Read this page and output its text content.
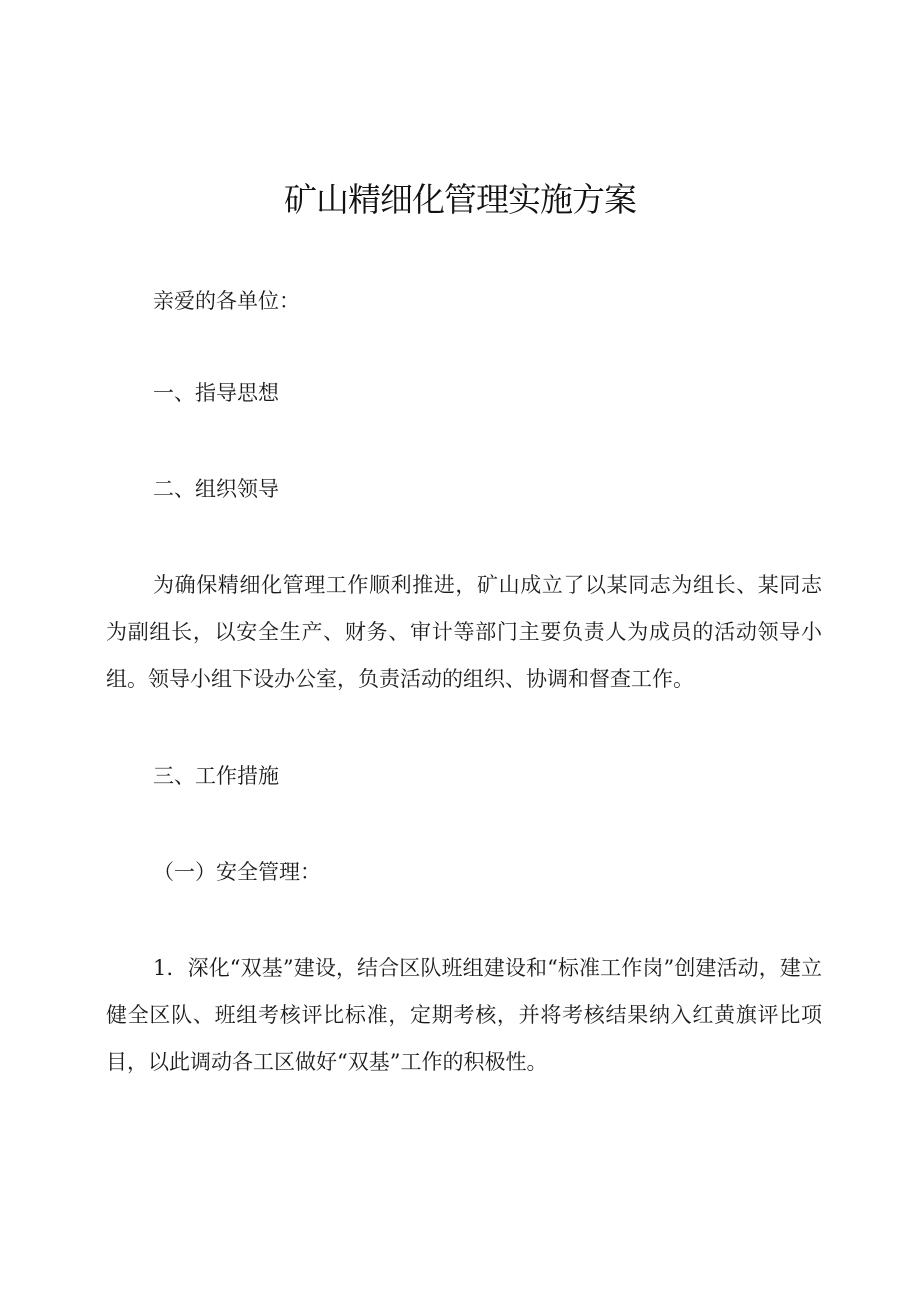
矿山精细化管理实施方案

亲爱的各单位：

一、指导思想

二、组织领导

为确保精细化管理工作顺利推进，矿山成立了以某同志为组长、某同志为副组长，以安全生产、财务、审计等部门主要负责人为成员的活动领导小组。领导小组下设办公室，负责活动的组织、协调和督查工作。

三、工作措施

（一）安全管理：

1．深化“双基”建设，结合区队班组建设和“标准工作岗”创建活动，建立健全区队、班组考核评比标准，定期考核，并将考核结果纳入红黄旗评比项目，以此调动各工区做好“双基”工作的积极性。
